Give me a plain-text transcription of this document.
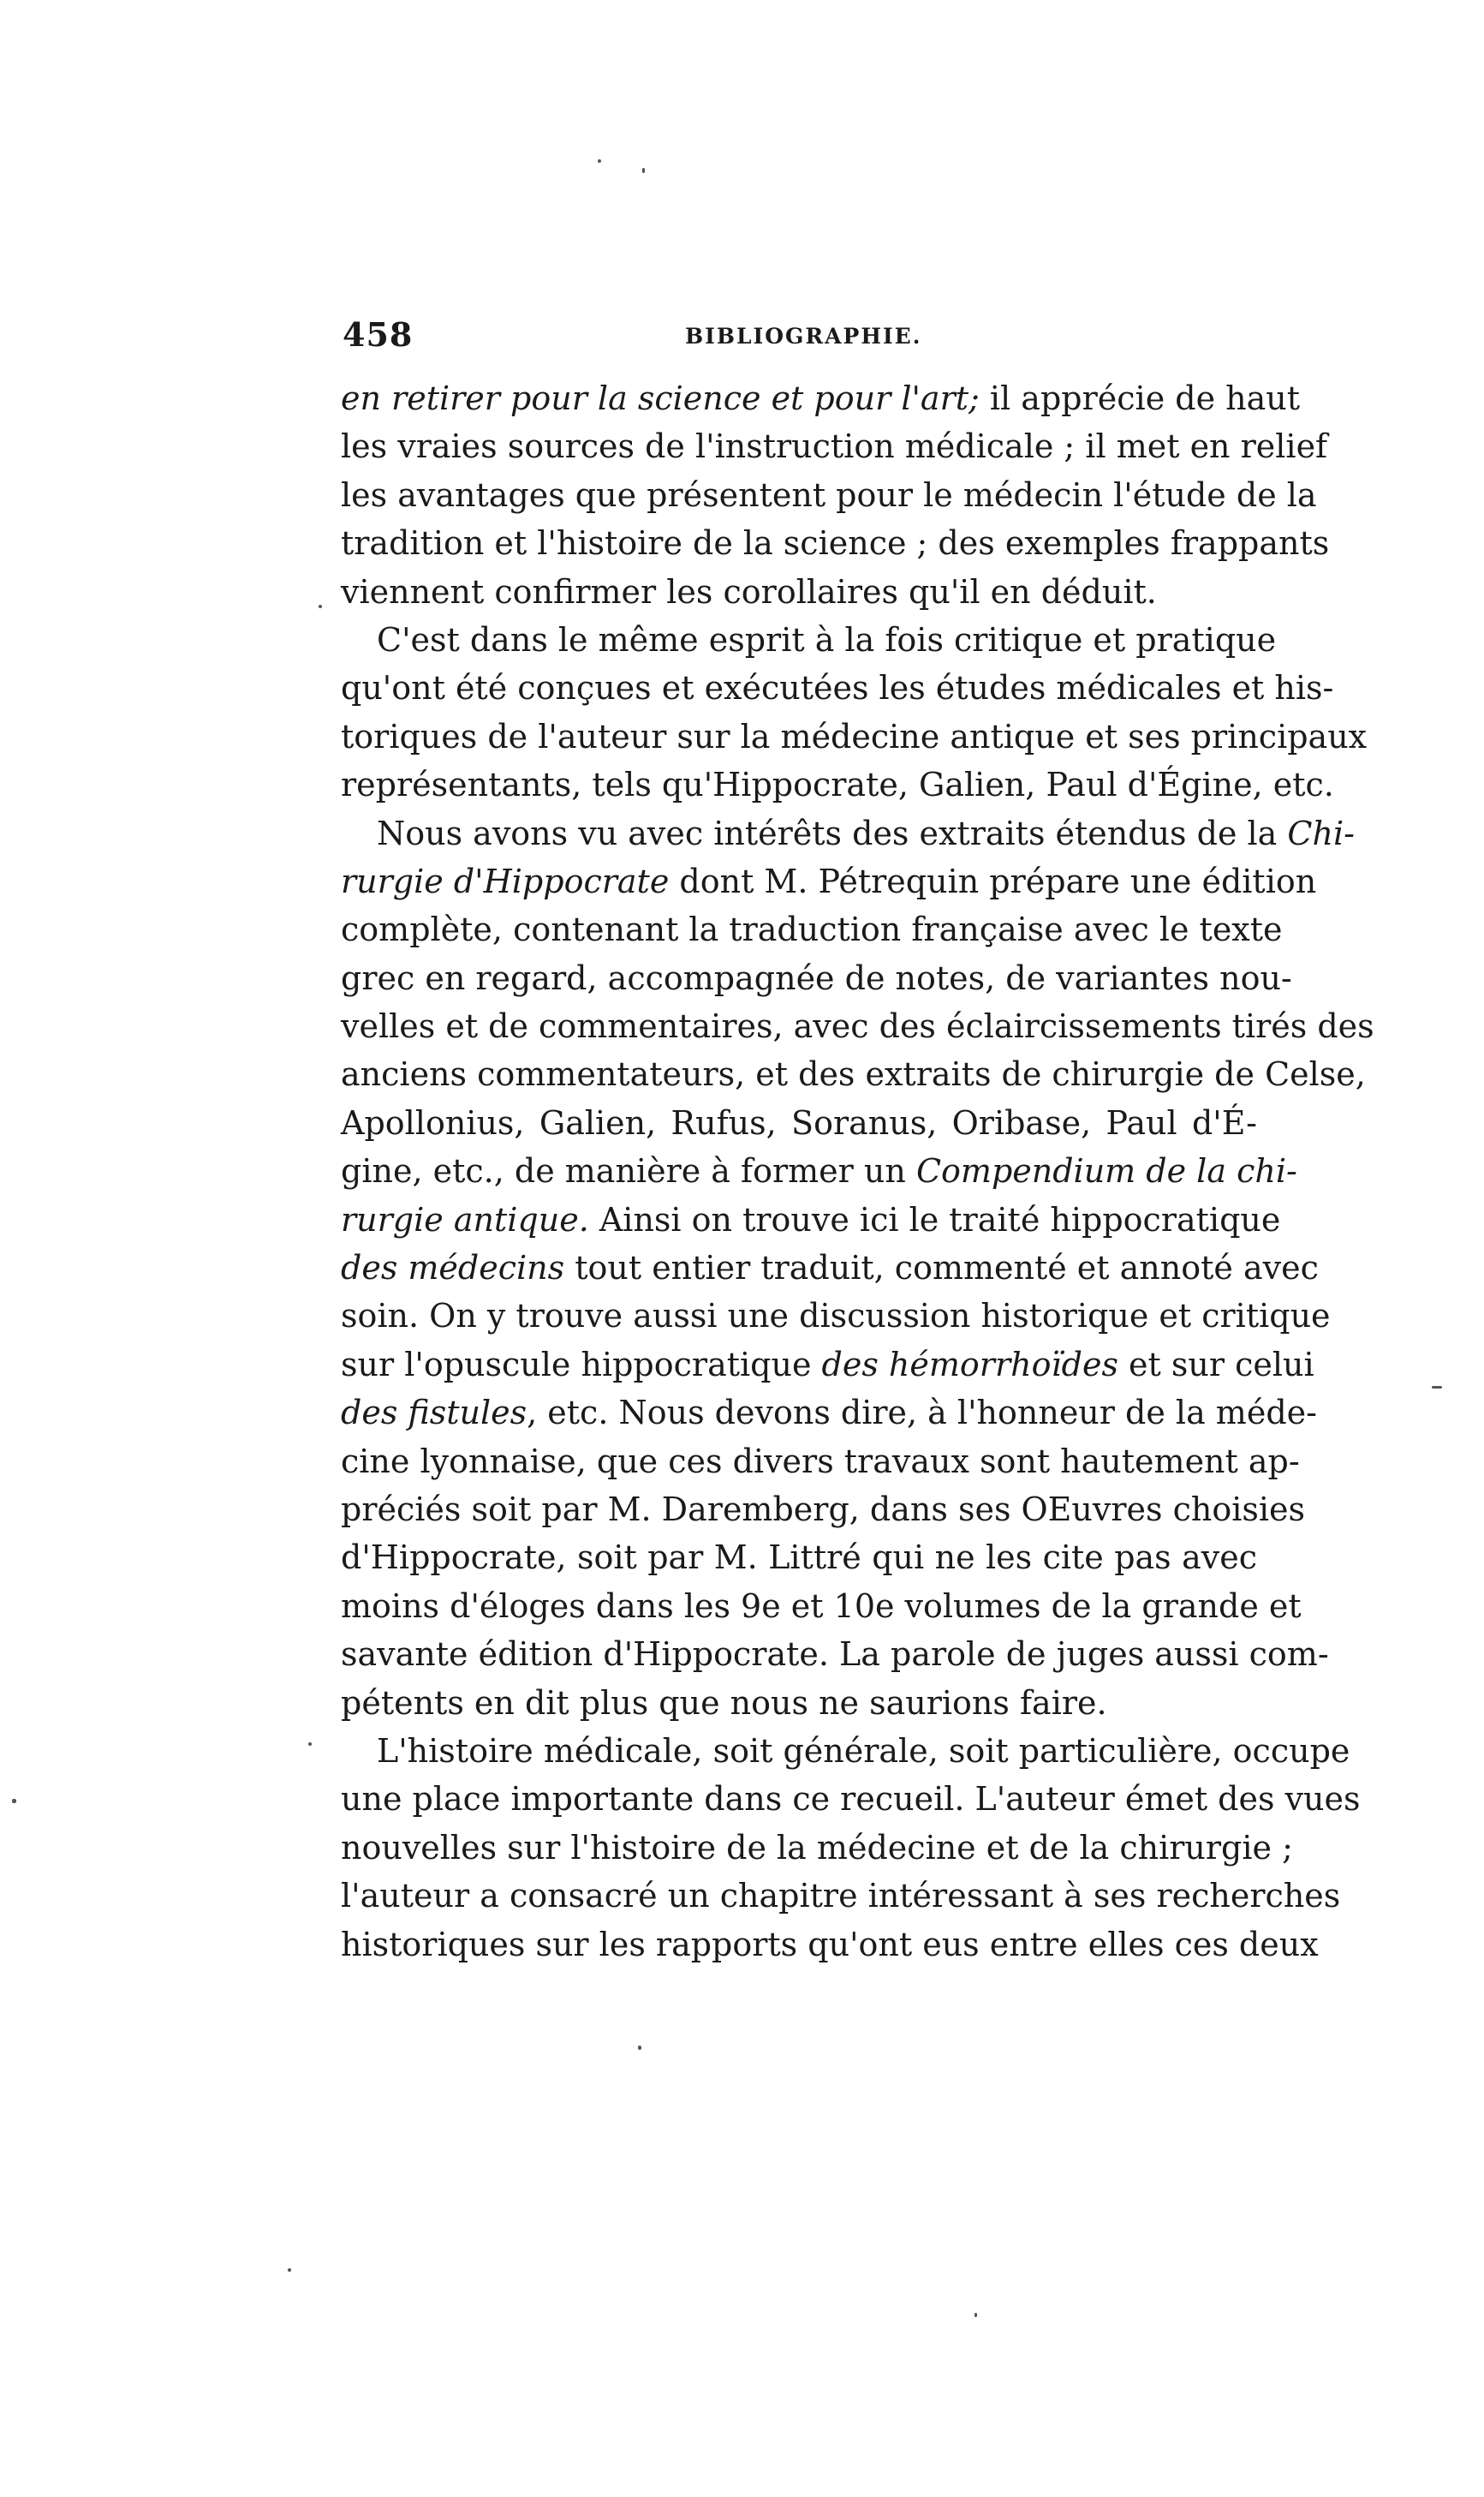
458	BIBLIOGRAPHIE.
en retirer pour la science et pour l'art; il apprécie de haut
les vraies sources de l'instruction médicale ; il met en relief
les avantages que présentent pour le médecin l'étude de la
tradition et l'histoire de la science ; des exemples frappants
viennent confirmer les corollaires qu'il en déduit.
C'est dans le même esprit à la fois critique et pratique
qu'ont été conçues et exécutées les études médicales et his-
toriques de l'auteur sur la médecine antique et ses principaux
représentants, tels qu'Hippocrate, Galien, Paul d'Égine, etc.
Nous avons vu avec intérêts des extraits étendus de la Chi-
rurgie d'Hippocrate dont M. Pétrequin prépare une édition
complète, contenant la traduction française avec le texte
grec en regard, accompagnée de notes, de variantes nou-
velles et de commentaires, avec des éclaircissements tirés des
anciens commentateurs, et des extraits de chirurgie de Celse,
Apollonius, Galien, Rufus, Soranus, Oribase, Paul d'É-
gine, etc., de manière à former un Compendium de la chi-
rurgie antique. Ainsi on trouve ici le traité hippocratique
des médecins tout entier traduit, commenté et annoté avec
soin. On y trouve aussi une discussion historique et critique
sur l'opuscule hippocratique des hémorrhoïdes et sur celui
des fistules, etc. Nous devons dire, à l'honneur de la méde-
cine lyonnaise, que ces divers travaux sont hautement ap-
préciés soit par M. Daremberg, dans ses OEuvres choisies
d'Hippocrate, soit par M. Littré qui ne les cite pas avec
moins d'éloges dans les 9e et 10e volumes de la grande et
savante édition d'Hippocrate. La parole de juges aussi com-
pétents en dit plus que nous ne saurions faire.
L'histoire médicale, soit générale, soit particulière, occupe
une place importante dans ce recueil. L'auteur émet des vues
nouvelles sur l'histoire de la médecine et de la chirurgie ;
l'auteur a consacré un chapitre intéressant à ses recherches
historiques sur les rapports qu'ont eus entre elles ces deux
